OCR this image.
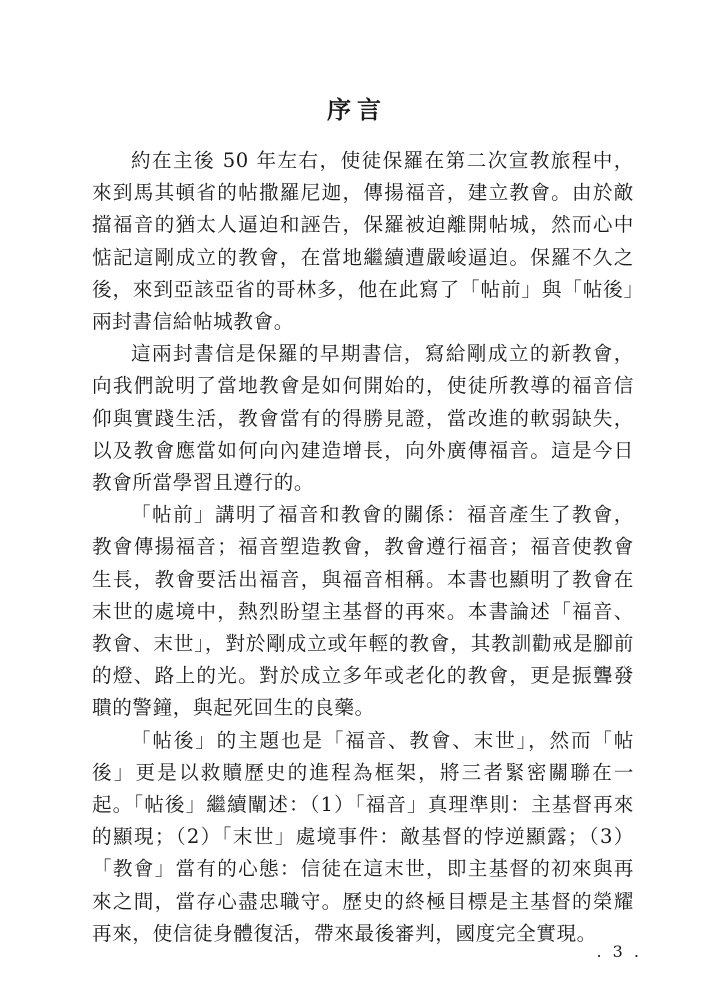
序言

約在主後 50 年左右，使徒保羅在第二次宣教旅程中，來到馬其頓省的帖撒羅尼迦，傳揚福音，建立教會。由於敵擋福音的猶太人逼迫和誣告，保羅被迫離開帖城，然而心中惦記這剛成立的教會，在當地繼續遭嚴峻逼迫。保羅不久之後，來到亞該亞省的哥林多，他在此寫了「帖前」與「帖後」兩封書信給帖城教會。

這兩封書信是保羅的早期書信，寫給剛成立的新教會，向我們說明了當地教會是如何開始的，使徒所教導的福音信仰與實踐生活，教會當有的得勝見證，當改進的軟弱缺失，以及教會應當如何向內建造增長，向外廣傳福音。這是今日教會所當學習且遵行的。

「帖前」講明了福音和教會的關係：福音產生了教會，教會傳揚福音；福音塑造教會，教會遵行福音；福音使教會生長，教會要活出福音，與福音相稱。本書也顯明了教會在末世的處境中，熱烈盼望主基督的再來。本書論述「福音、教會、末世」，對於剛成立或年輕的教會，其教訓勸戒是腳前的燈、路上的光。對於成立多年或老化的教會，更是振聾發聵的警鐘，與起死回生的良藥。

「帖後」的主題也是「福音、教會、末世」，然而「帖後」更是以救贖歷史的進程為框架，將三者緊密關聯在一起。「帖後」繼續闡述：（1）「福音」真理準則：主基督再來的顯現；（2）「末世」處境事件：敵基督的悖逆顯露；（3）「教會」當有的心態：信徒在這末世，即主基督的初來與再來之間，當存心盡忠職守。歷史的終極目標是主基督的榮耀再來，使信徒身體復活，帶來最後審判，國度完全實現。

. 3 .
